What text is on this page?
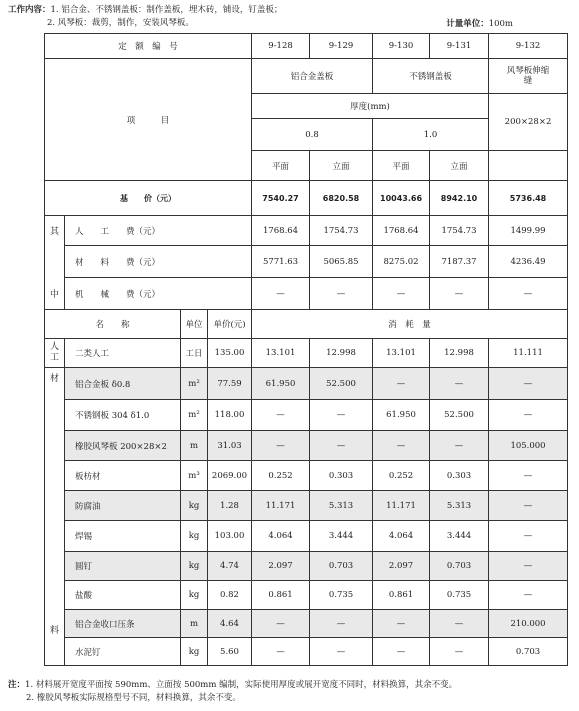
工作内容：1. 铝合金、不锈钢盖板：制作盖板，埋木砖，铺设，钉盖板；
2. 风琴板：裁剪，制作，安装风琴板。	计量单位：100m
定　额　编　号				9-128	9-129	9-130	9-131	9-132
项　　　目				铝合金盖板		不锈钢盖板		风琴板伸缩缝
				厚度(mm)				200×28×2
				0.8		1.0		
				平面	立面	平面	立面	
基　　价（元）				7540.27	6820.58	10043.66	8942.10	5736.48
其	人　　工　　费（元）			1768.64	1754.73	1768.64	1754.73	1499.99
	材　　料　　费（元）			5771.63	5065.85	8275.02	7187.37	4236.49
中	机　　械　　费（元）			—	—	—	—	—
名　　称		单位	单价(元)	消　耗　量				
人工	二类人工	工日	135.00	13.101	12.998	13.101	12.998	11.111
材	铝合金板 δ0.8	m²	77.59	61.950	52.500	—	—	—
	不锈钢板 304 δ1.0	m²	118.00	—	—	61.950	52.500	—
	橡胶风琴板 200×28×2	m	31.03	—	—	—	—	105.000
	板枋材	m³	2069.00	0.252	0.303	0.252	0.303	—
	防腐油	kg	1.28	11.171	5.313	11.171	5.313	—
	焊锡	kg	103.00	4.064	3.444	4.064	3.444	—
	圆钉	kg	4.74	2.097	0.703	2.097	0.703	—
	盐酸	kg	0.82	0.861	0.735	0.861	0.735	—
料	铝合金收口压条	m	4.64	—	—	—	—	210.000
	水泥钉	kg	5.60	—	—	—	—	0.703
注：1. 材料展开宽度平面按 590mm、立面按 500mm 编制，实际使用厚度或展开宽度不同时，材料换算，其余不变。
2. 橡胶风琴板实际规格型号不同，材料换算，其余不变。
